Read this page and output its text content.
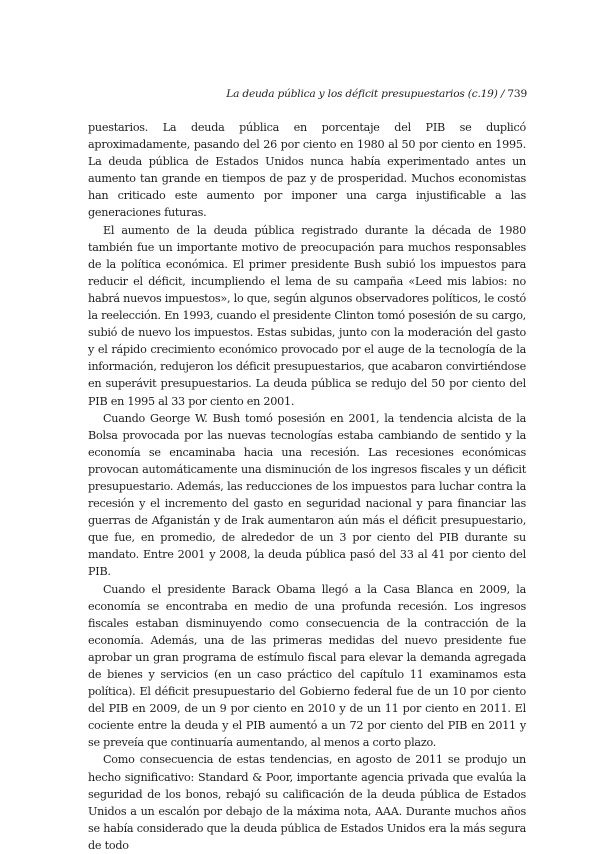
La deuda pública y los déficit presupuestarios (c.19) / 739

puestarios. La deuda pública en porcentaje del PIB se duplicó aproximadamente, pasando del 26 por ciento en 1980 al 50 por ciento en 1995. La deuda pública de Estados Unidos nunca había experimentado antes un aumento tan grande en tiempos de paz y de prosperidad. Muchos economistas han criticado este aumento por imponer una carga injustificable a las generaciones futuras.

El aumento de la deuda pública registrado durante la década de 1980 también fue un importante motivo de preocupación para muchos responsables de la política económica. El primer presidente Bush subió los impuestos para reducir el déficit, incumpliendo el lema de su campaña «Leed mis labios: no habrá nuevos impuestos», lo que, según algunos observadores políticos, le costó la reelección. En 1993, cuando el presidente Clinton tomó posesión de su cargo, subió de nuevo los impuestos. Estas subidas, junto con la moderación del gasto y el rápido crecimiento económico provocado por el auge de la tecnología de la información, redujeron los déficit presupuestarios, que acabaron convirtiéndose en superávit presupuestarios. La deuda pública se redujo del 50 por ciento del PIB en 1995 al 33 por ciento en 2001.

Cuando George W. Bush tomó posesión en 2001, la tendencia alcista de la Bolsa provocada por las nuevas tecnologías estaba cambiando de sentido y la economía se encaminaba hacia una recesión. Las recesiones económicas provocan automáticamente una disminución de los ingresos fiscales y un déficit presupuestario. Además, las reducciones de los impuestos para luchar contra la recesión y el incremento del gasto en seguridad nacional y para financiar las guerras de Afganistán y de Irak aumentaron aún más el déficit presupuestario, que fue, en promedio, de alrededor de un 3 por ciento del PIB durante su mandato. Entre 2001 y 2008, la deuda pública pasó del 33 al 41 por ciento del PIB.

Cuando el presidente Barack Obama llegó a la Casa Blanca en 2009, la economía se encontraba en medio de una profunda recesión. Los ingresos fiscales estaban disminuyendo como consecuencia de la contracción de la economía. Además, una de las primeras medidas del nuevo presidente fue aprobar un gran programa de estímulo fiscal para elevar la demanda agregada de bienes y servicios (en un caso práctico del capítulo 11 examinamos esta política). El déficit presupuestario del Gobierno federal fue de un 10 por ciento del PIB en 2009, de un 9 por ciento en 2010 y de un 11 por ciento en 2011. El cociente entre la deuda y el PIB aumentó a un 72 por ciento del PIB en 2011 y se preveía que continuaría aumentando, al menos a corto plazo.

Como consecuencia de estas tendencias, en agosto de 2011 se produjo un hecho significativo: Standard & Poor, importante agencia privada que evalúa la seguridad de los bonos, rebajó su calificación de la deuda pública de Estados Unidos a un escalón por debajo de la máxima nota, AAA. Durante muchos años se había considerado que la deuda pública de Estados Unidos era la más segura de todo
